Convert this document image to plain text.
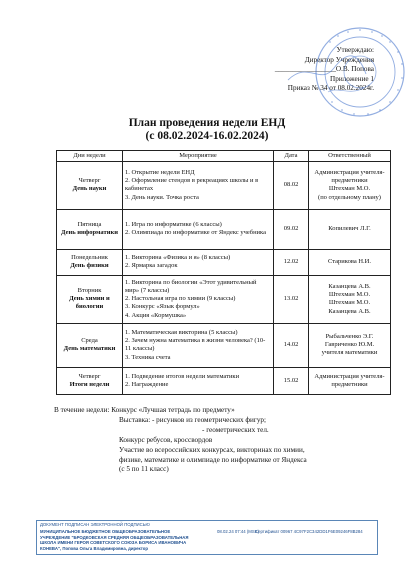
Утверждаю:
Директор Учреждения
_________________О.В. Попова
Приложение 1
Приказ № 34 от 08.02.2024г.
План проведения недели ЕНД
(с 08.02.2024-16.02.2024)
Дни недели	Мероприятие	Дата	Ответственный

Четверг
День науки	1. Открытие недели ЕНД
2. Оформление стендов в рекреациях школы и в кабинетах
3. День науки. Точка роста	08.02	Администрация учителя-предметники
Штехман М.О.
(по отдельному плану)

Пятница
День информатики	1. Игра по информатике (6 классы)
2. Олимпиада по информатике от Яндекс учебника	09.02	Копилевич Л.Г.

Понедельник
День физики	1. Викторина «Физика и я» (8 классы)
2. Ярмарка загадок	12.02	Старикова Н.И.

Вторник
День химии и биологии	1. Викторина по биологии «Этот удивительный мир» (7 классы)
2. Настольная игра по химии (9 классы)
3. Конкурс «Язык формул»
4. Акция «Кормушка»	13.02	Казанцева А.В.
Штехман М.О.
Штехман М.О.
Казанцева А.В.

Среда
День математики	1. Математическая викторина (5 классы)
2. Зачем нужна математика в жизни человека? (10-11 классы)
3. Техника счета	14.02	Рыбальченко Э.Г.
Гавриченко Ю.М.
учителя математики

Четверг
Итоги недели	1. Подведение итогов недели математики
2. Награждение	15.02	Администрация учителя-предметники
В течение недели: Конкурс «Лучшая тетрадь по предмету»
Выставка: - рисунков из геометрических фигур;
- геометрических тел.
Конкурс ребусов, кроссвордов
Участие во всероссийских конкурсах, викторинах по химии,
физике, математике и олимпиаде по информатике от Яндекса
(с 5 по 11 класс)
ДОКУМЕНТ ПОДПИСАН ЭЛЕКТРОННОЙ ПОДПИСЬЮ
МУНИЦИПАЛЬНОЕ БЮДЖЕТНОЕ ОБЩЕОБРАЗОВАТЕЛЬНОЕ УЧРЕЖДЕНИЕ "БРОДКОВСКАЯ СРЕДНЯЯ ОБЩЕОБРАЗОВАТЕЛЬНАЯ ШКОЛА ИМЕНИ ГЕРОЯ СОВЕТСКОГО СОЮЗА БОРИСА ИВАНОВИЧА КОНЕВА", Попова Ольга Владимировна, директор
08.02.24 07:44 (MSK)
Сертификат 00967 4C97F2C342DD1F6E09246F8B284
